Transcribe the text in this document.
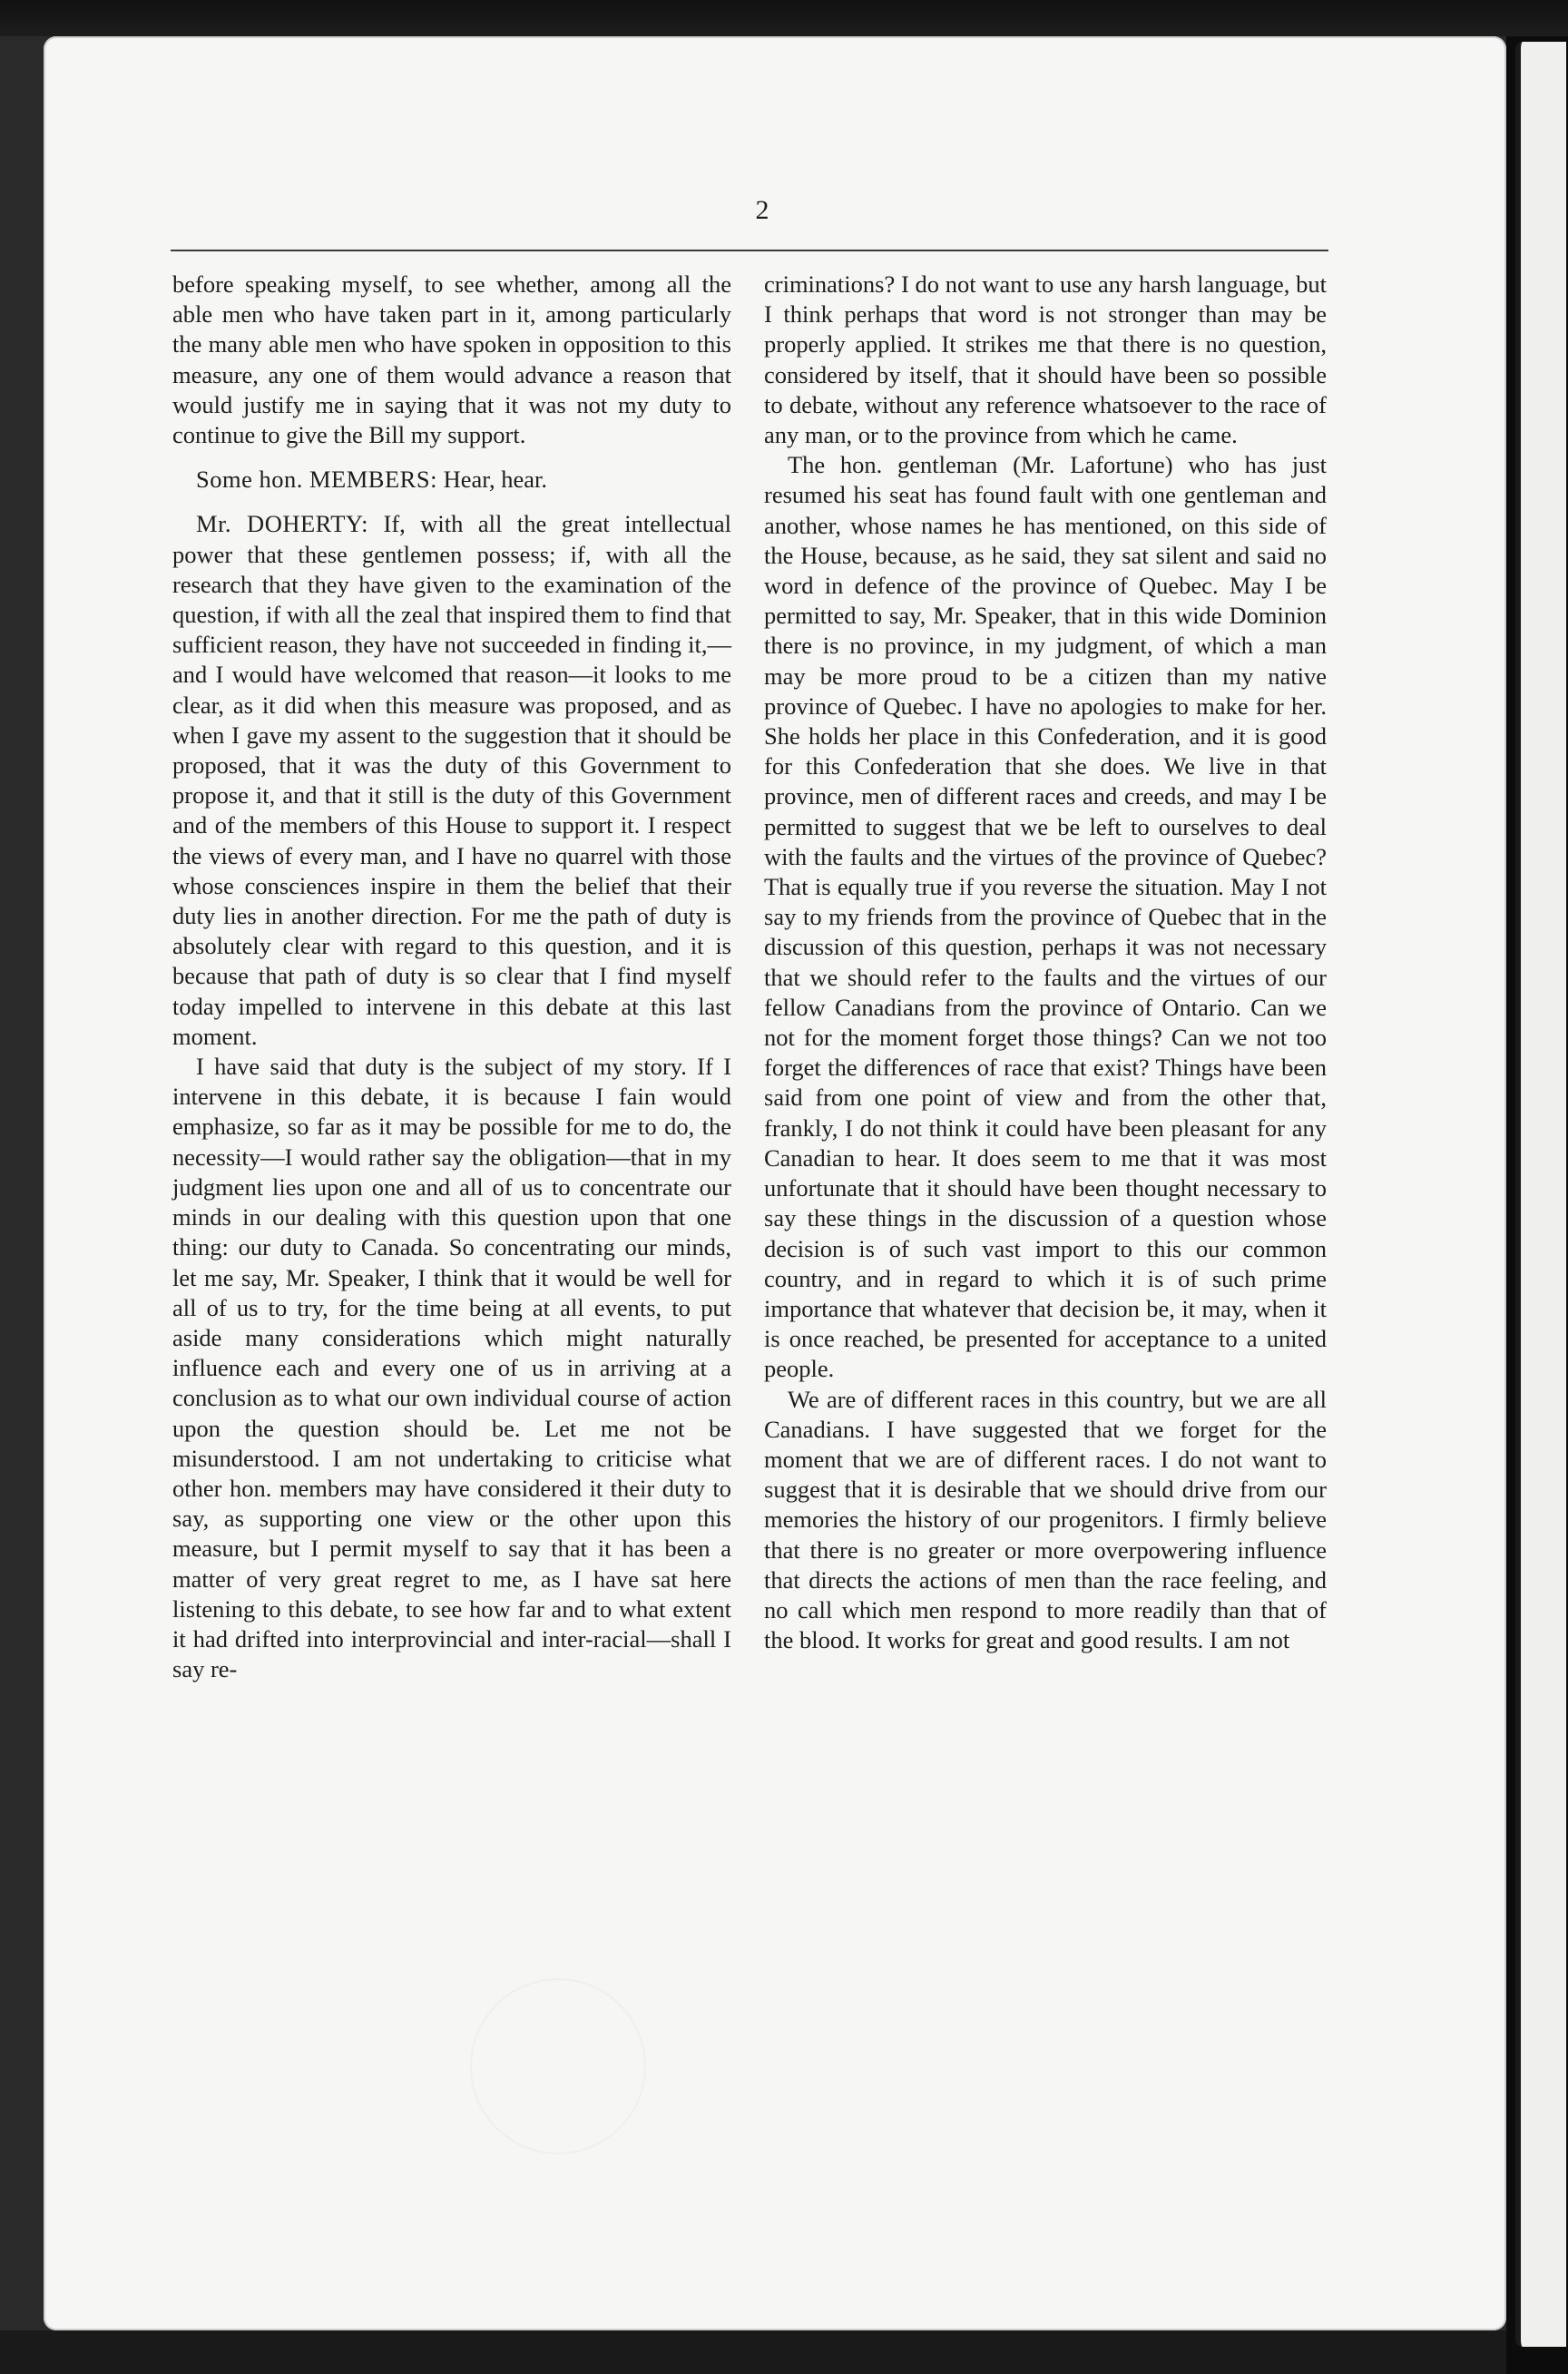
2

before speaking myself, to see whether, among all the able men who have taken part in it, among particularly the many able men who have spoken in opposition to this measure, any one of them would advance a reason that would justify me in saying that it was not my duty to continue to give the Bill my support.

Some hon. MEMBERS: Hear, hear.

Mr. DOHERTY: If, with all the great intellectual power that these gentlemen possess; if, with all the research that they have given to the examination of the question, if with all the zeal that inspired them to find that sufficient reason, they have not succeeded in finding it,—and I would have welcomed that reason—it looks to me clear, as it did when this measure was proposed, and as when I gave my assent to the suggestion that it should be proposed, that it was the duty of this Government to propose it, and that it still is the duty of this Government and of the members of this House to support it. I respect the views of every man, and I have no quarrel with those whose consciences inspire in them the belief that their duty lies in another direction. For me the path of duty is absolutely clear with regard to this question, and it is because that path of duty is so clear that I find myself today impelled to intervene in this debate at this last moment.

I have said that duty is the subject of my story. If I intervene in this debate, it is because I fain would emphasize, so far as it may be possible for me to do, the necessity—I would rather say the obligation—that in my judgment lies upon one and all of us to concentrate our minds in our dealing with this question upon that one thing: our duty to Canada. So concentrating our minds, let me say, Mr. Speaker, I think that it would be well for all of us to try, for the time being at all events, to put aside many considerations which might naturally influence each and every one of us in arriving at a conclusion as to what our own individual course of action upon the question should be. Let me not be misunderstood. I am not undertaking to criticise what other hon. members may have considered it their duty to say, as supporting one view or the other upon this measure, but I permit myself to say that it has been a matter of very great regret to me, as I have sat here listening to this debate, to see how far and to what extent it had drifted into interprovincial and inter-racial—shall I say re-

criminations? I do not want to use any harsh language, but I think perhaps that word is not stronger than may be properly applied. It strikes me that there is no question, considered by itself, that it should have been so possible to debate, without any reference whatsoever to the race of any man, or to the province from which he came.

The hon. gentleman (Mr. Lafortune) who has just resumed his seat has found fault with one gentleman and another, whose names he has mentioned, on this side of the House, because, as he said, they sat silent and said no word in defence of the province of Quebec. May I be permitted to say, Mr. Speaker, that in this wide Dominion there is no province, in my judgment, of which a man may be more proud to be a citizen than my native province of Quebec. I have no apologies to make for her. She holds her place in this Confederation, and it is good for this Confederation that she does. We live in that province, men of different races and creeds, and may I be permitted to suggest that we be left to ourselves to deal with the faults and the virtues of the province of Quebec? That is equally true if you reverse the situation. May I not say to my friends from the province of Quebec that in the discussion of this question, perhaps it was not necessary that we should refer to the faults and the virtues of our fellow Canadians from the province of Ontario. Can we not for the moment forget those things? Can we not too forget the differences of race that exist? Things have been said from one point of view and from the other that, frankly, I do not think it could have been pleasant for any Canadian to hear. It does seem to me that it was most unfortunate that it should have been thought necessary to say these things in the discussion of a question whose decision is of such vast import to this our common country, and in regard to which it is of such prime importance that whatever that decision be, it may, when it is once reached, be presented for acceptance to a united people.

We are of different races in this country, but we are all Canadians. I have suggested that we forget for the moment that we are of different races. I do not want to suggest that it is desirable that we should drive from our memories the history of our progenitors. I firmly believe that there is no greater or more overpowering influence that directs the actions of men than the race feeling, and no call which men respond to more readily than that of the blood. It works for great and good results. I am not
